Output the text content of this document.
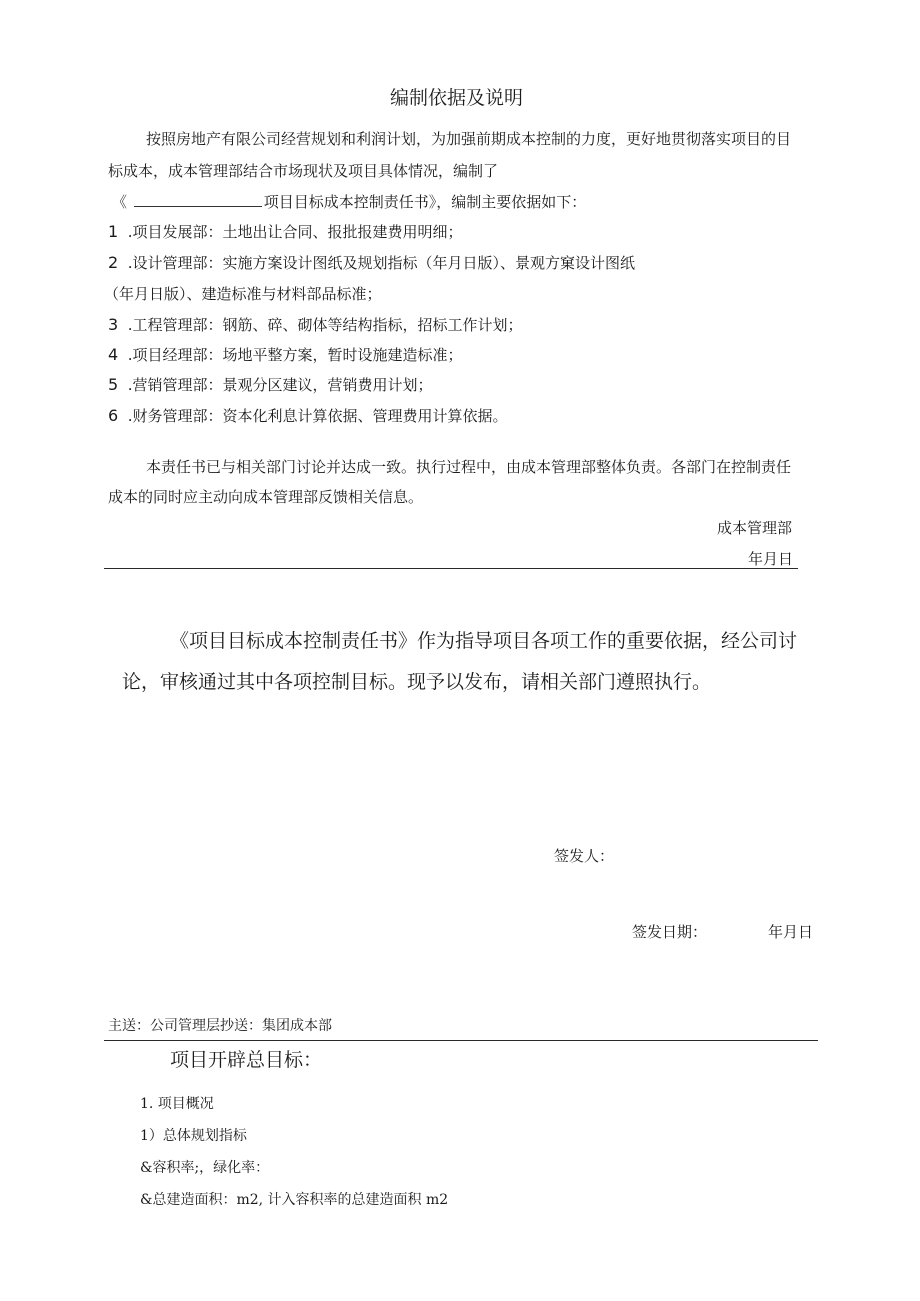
编制依据及说明
按照房地产有限公司经营规划和利润计划，为加强前期成本控制的力度，更好地贯彻落实项目的目
标成本，成本管理部结合市场现状及项目具体情况，编制了
《	项目目标成本控制责任书》，编制主要依据如下：
1 .项目发展部：土地出让合同、报批报建费用明细；
2 .设计管理部：实施方案设计图纸及规划指标（年月日版）、景观方窠设计图纸
（年月日版）、建造标准与材料部品标准；
3 .工程管理部：钢筋、碎、砌体等结构指标，招标工作计划；
4 .项目经理部：场地平整方案，暂时设施建造标准；
5 .营销管理部：景观分区建议，营销费用计划；
6 .财务管理部：资本化利息计算依据、管理费用计算依据。
本责任书已与相关部门讨论并达成一致。执行过程中，由成本管理部整体负责。各部门在控制责任
成本的同时应主动向成本管理部反馈相关信息。
成本管理部
年月日
《项目目标成本控制责任书》作为指导项目各项工作的重要依据，经公司讨
论，审核通过其中各项控制目标。现予以发布，请相关部门遵照执行。
签发人：
签发日期：	年月日
主送：公司管理层抄送：集团成本部
项目开辟总目标：
1. 项目概况
1）总体规划指标
&容积率;，绿化率：
&总建造面积：m2, 计入容积率的总建造面积 m2
